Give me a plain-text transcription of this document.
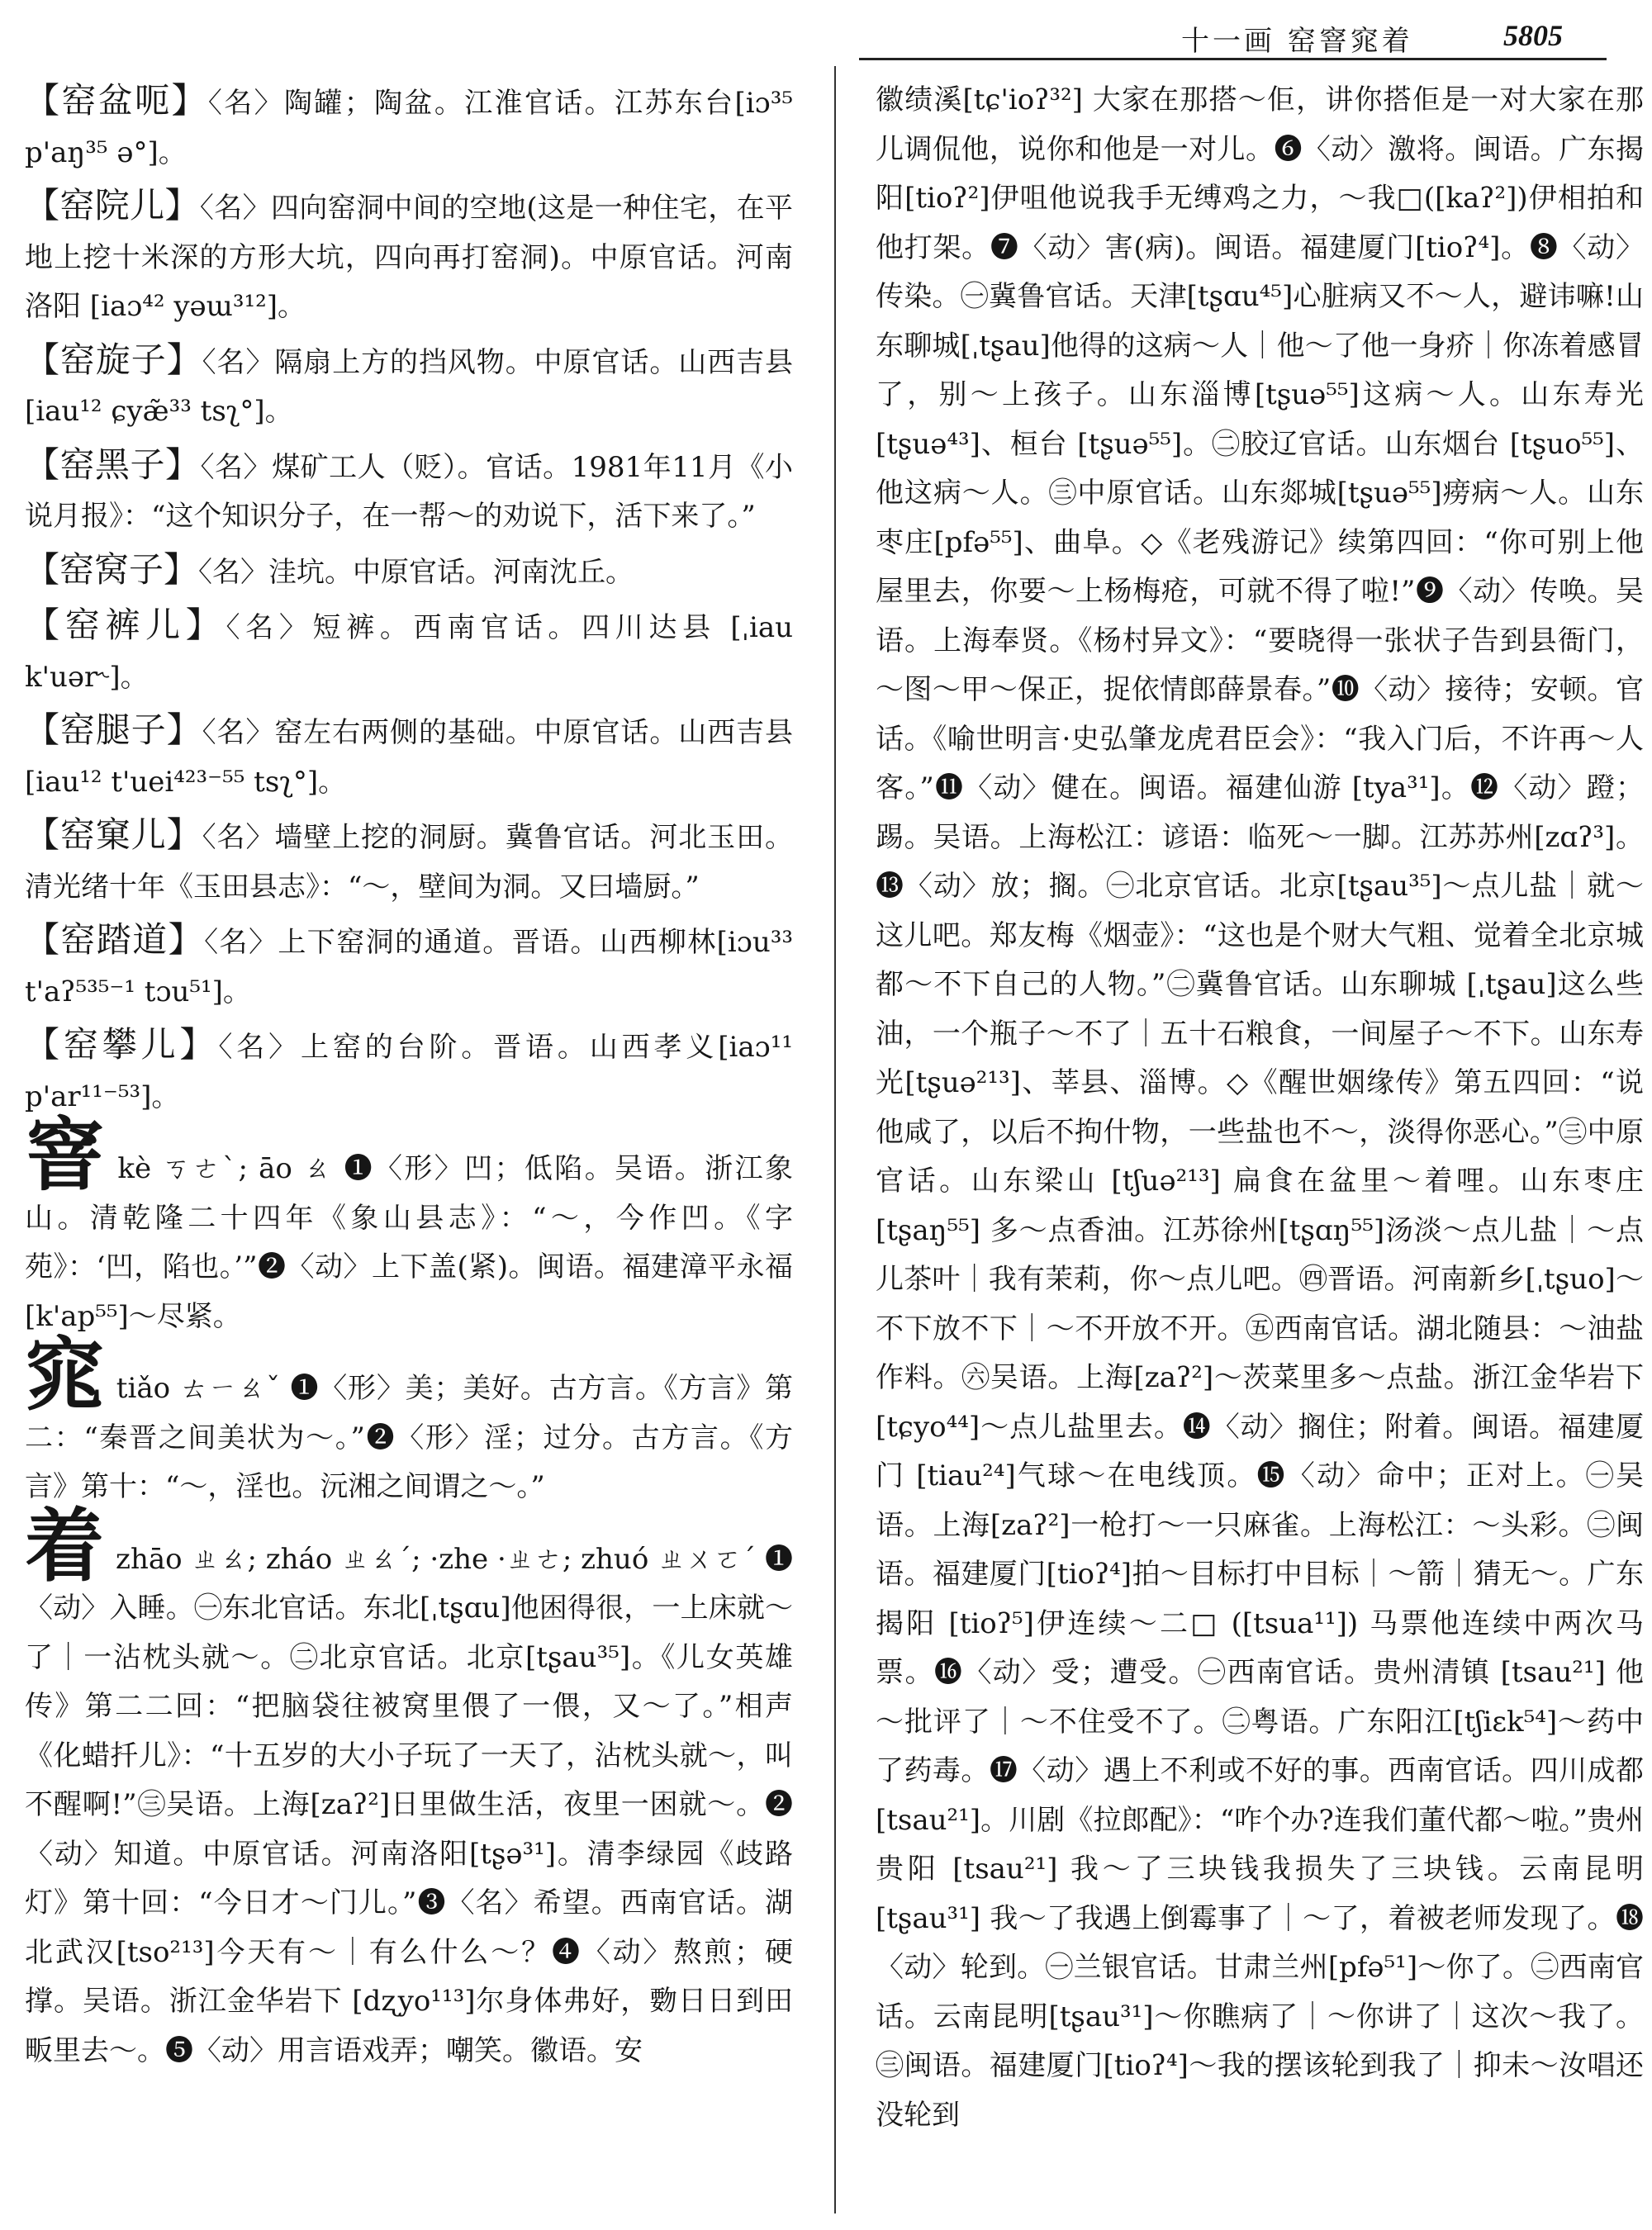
十一画 窑窨窕着	5805
【窑盆呃】〈名〉陶罐；陶盆。江淮官话。江苏东台[iɔ³⁵ p'aŋ³⁵ ə°]。
【窑院儿】〈名〉四向窑洞中间的空地(这是一种住宅，在平地上挖十米深的方形大坑，四向再打窑洞)。中原官话。河南洛阳 [iaɔ⁴² yəɯ³¹²]。
【窑旋子】〈名〉隔扇上方的挡风物。中原官话。山西吉县[iau¹² ɕyæ̃³³ tsʅ°]。
【窑黑子】〈名〉煤矿工人（贬）。官话。1981年11月《小说月报》：“这个知识分子，在一帮～的劝说下，活下来了。”
【窑窝子】〈名〉洼坑。中原官话。河南沈丘。
【窑裤儿】〈名〉短裤。西南官话。四川达县 [ˌiau k'uər˞]。
【窑腿子】〈名〉窑左右两侧的基础。中原官话。山西吉县[iau¹² t'uei⁴²³⁻⁵⁵ tsʅ°]。
【窑窠儿】〈名〉墙壁上挖的洞厨。冀鲁官话。河北玉田。清光绪十年《玉田县志》：“～，壁间为洞。又曰墙厨。”
【窑踏道】〈名〉上下窑洞的通道。晋语。山西柳林[iɔu³³ t'aʔ⁵³⁵⁻¹ tɔu⁵¹]。
【窑攀儿】〈名〉上窑的台阶。晋语。山西孝义[iaɔ¹¹ p'ar¹¹⁻⁵³]。
窨kè ㄎㄜˋ; āo ㄠ ❶〈形〉凹；低陷。吴语。浙江象山。清乾隆二十四年《象山县志》：“～，今作凹。《字苑》：‘凹，陷也。’”❷〈动〉上下盖(紧)。闽语。福建漳平永福[k'ap⁵⁵]～尽紧。
窕tiǎo ㄊㄧㄠˇ ❶〈形〉美；美好。古方言。《方言》第二：“秦晋之间美状为～。”❷〈形〉淫；过分。古方言。《方言》第十：“～，淫也。沅湘之间谓之～。”
着zhāo ㄓㄠ; zháo ㄓㄠˊ; ·zhe ·ㄓㄜ; zhuó ㄓㄨㄛˊ ❶〈动〉入睡。㊀东北官话。东北[ˌtʂɑu]他困得很，一上床就～了｜一沾枕头就～。㊁北京官话。北京[tʂau³⁵]。《儿女英雄传》第二二回：“把脑袋往被窝里偎了一偎，又～了。”相声《化蜡扦儿》：“十五岁的大小子玩了一天了，沾枕头就～，叫不醒啊!”㊂吴语。上海[zaʔ²]日里做生活，夜里一困就～。❷〈动〉知道。中原官话。河南洛阳[tʂə³¹]。清李绿园《歧路灯》第十回：“今日才～门儿。”❸〈名〉希望。西南官话。湖北武汉[tso²¹³]今天有～｜有么什么～？❹〈动〉熬煎；硬撑。吴语。浙江金华岩下 [dʐyo¹¹³]尔身体弗好，覅日日到田畈里去～。❺〈动〉用言语戏弄；嘲笑。徽语。安

徽绩溪[tɕ'ioʔ³²] 大家在那搭～佢，讲你搭佢是一对大家在那儿调侃他，说你和他是一对儿。❻〈动〉激将。闽语。广东揭阳[tioʔ²]伊咀他说我手无缚鸡之力，～我□([kaʔ²])伊相拍和他打架。❼〈动〉害(病)。闽语。福建厦门[tioʔ⁴]。❽〈动〉传染。㊀冀鲁官话。天津[tʂɑu⁴⁵]心脏病又不～人，避讳嘛!山东聊城[ˌtʂau]他得的这病～人｜他～了他一身疥｜你冻着感冒了，别～上孩子。山东淄博[tʂuə⁵⁵]这病～人。山东寿光[tʂuə⁴³]、桓台 [tʂuə⁵⁵]。㊁胶辽官话。山东烟台 [tʂuo⁵⁵]、他这病～人。㊂中原官话。山东郯城[tʂuə⁵⁵]痨病～人。山东枣庄[pfə⁵⁵]、曲阜。◇《老残游记》续第四回：“你可别上他屋里去，你要～上杨梅疮，可就不得了啦!”❾〈动〉传唤。吴语。上海奉贤。《杨村异文》：“要晓得一张状子告到县衙门，～图～甲～保正，捉依情郎薛景春。”❿〈动〉接待；安顿。官话。《喻世明言·史弘肇龙虎君臣会》：“我入门后，不许再～人客。”⓫〈动〉健在。闽语。福建仙游 [tya³¹]。⓬〈动〉蹬；踢。吴语。上海松江：谚语：临死～一脚。江苏苏州[zɑʔ³]。⓭〈动〉放；搁。㊀北京官话。北京[tʂau³⁵]～点儿盐｜就～这儿吧。郑友梅《烟壶》：“这也是个财大气粗、觉着全北京城都～不下自己的人物。”㊁冀鲁官话。山东聊城 [ˌtʂau]这么些油，一个瓶子～不了｜五十石粮食，一间屋子～不下。山东寿光[tʂuə²¹³]、莘县、淄博。◇《醒世姻缘传》第五四回：“说他咸了，以后不拘什物，一些盐也不～，淡得你恶心。”㊂中原官话。山东梁山 [tʃuə²¹³] 扁食在盆里～着哩。山东枣庄[tʂaŋ⁵⁵] 多～点香油。江苏徐州[tʂɑŋ⁵⁵]汤淡～点儿盐｜～点儿茶叶｜我有茉莉，你～点儿吧。㊃晋语。河南新乡[ˌtʂuo]～不下放不下｜～不开放不开。㊄西南官话。湖北随县：～油盐作料。㊅吴语。上海[zaʔ²]～茨菜里多～点盐。浙江金华岩下[tɕyo⁴⁴]～点儿盐里去。⓮〈动〉搁住；附着。闽语。福建厦门 [tiau²⁴]气球～在电线顶。⓯〈动〉命中；正对上。㊀吴语。上海[zaʔ²]一枪打～一只麻雀。上海松江：～头彩。㊁闽语。福建厦门[tioʔ⁴]拍～目标打中目标｜～箭｜猜无～。广东揭阳 [tioʔ⁵]伊连续～二□ ([tsua¹¹]) 马票他连续中两次马票。⓰〈动〉受；遭受。㊀西南官话。贵州清镇 [tsau²¹] 他～批评了｜～不住受不了。㊁粤语。广东阳江[tʃiɛk⁵⁴]～药中了药毒。⓱〈动〉遇上不利或不好的事。西南官话。四川成都[tsau²¹]。川剧《拉郎配》：“咋个办?连我们董代都～啦。”贵州贵阳 [tsau²¹] 我～了三块钱我损失了三块钱。云南昆明 [tʂau³¹] 我～了我遇上倒霉事了｜～了，着被老师发现了。⓲〈动〉轮到。㊀兰银官话。甘肃兰州[pfə⁵¹]～你了。㊁西南官话。云南昆明[tʂau³¹]～你瞧病了｜～你讲了｜这次～我了。㊂闽语。福建厦门[tioʔ⁴]～我的摆该轮到我了｜抑未～汝唱还没轮到
